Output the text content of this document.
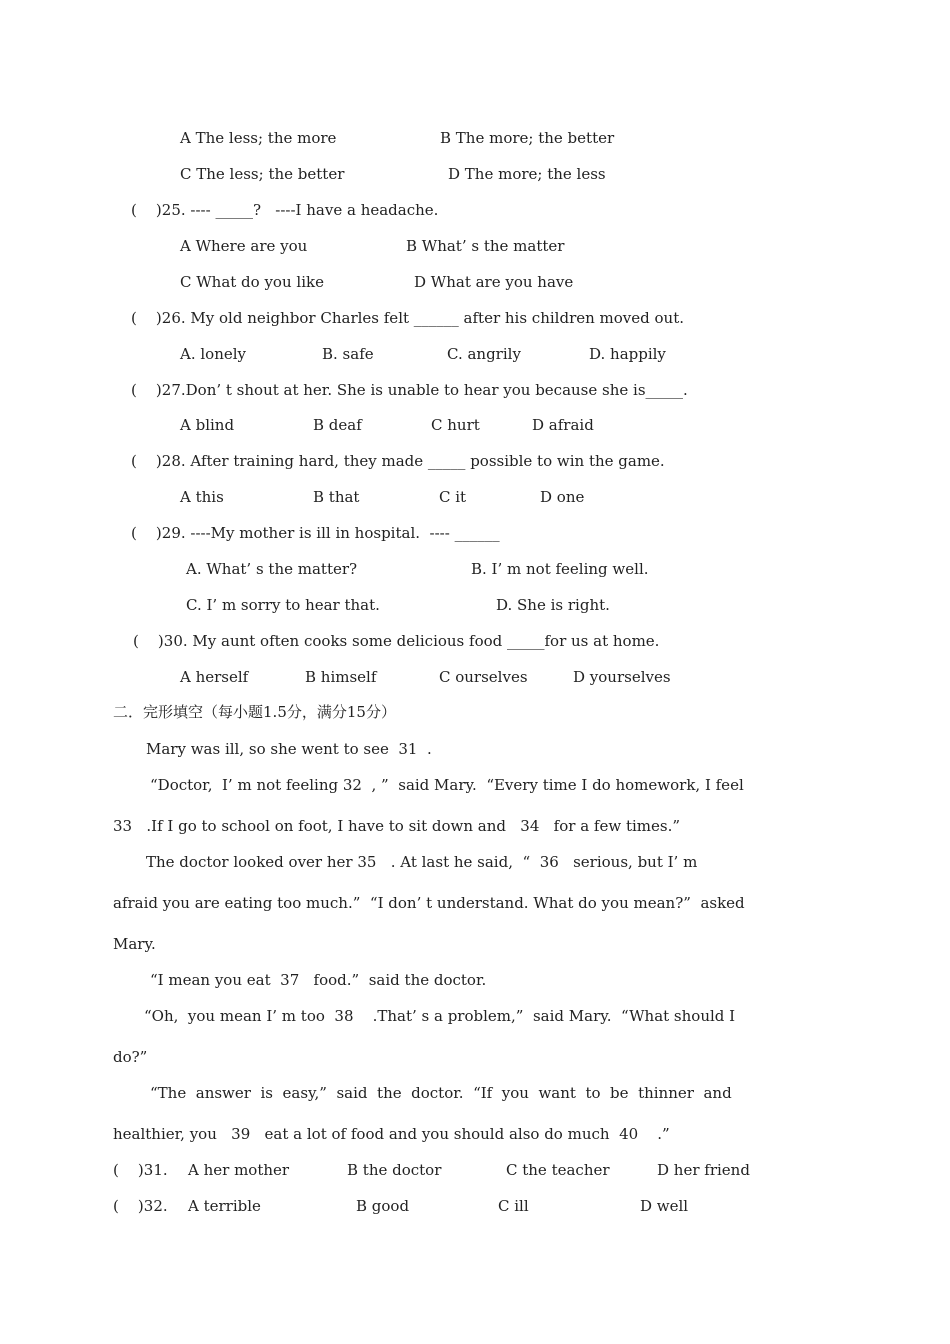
A The less; the more	B The more; the better
C The less; the better	D The more; the less
(    )25. ---- _____?   ----I have a headache.
A Where are you	B What’ s the matter
C What do you like	D What are you have
(    )26. My old neighbor Charles felt ______ after his children moved out.
A. lonely	B. safe	C. angrily	D. happily
(    )27.Don’ t shout at her. She is unable to hear you because she is_____.
A blind	B deaf	C hurt	D afraid
(    )28. After training hard, they made _____ possible to win the game.
A this	B that	C it	D one
(    )29. ----My mother is ill in hospital.  ---- ______
A. What’ s the matter?	B. I’ m not feeling well.
C. I’ m sorry to hear that.	D. She is right.
(    )30. My aunt often cooks some delicious food _____for us at home.
A herself	B himself	C ourselves	D yourselves
二．完形填空（每小题1.5分，满分15分）
Mary was ill, so she went to see  31  .
“Doctor,  I’ m not feeling 32  , ”  said Mary.  “Every time I do homework, I feel
33   .If I go to school on foot, I have to sit down and   34   for a few times.”
The doctor looked over her 35   . At last he said,  “  36   serious, but I’ m
afraid you are eating too much.”  “I don’ t understand. What do you mean?”  asked
Mary.
“I mean you eat  37   food.”  said the doctor.
“Oh,  you mean I’ m too  38    .That’ s a problem,”  said Mary.  “What should I
do?”
“The  answer  is  easy,”  said  the  doctor.  “If  you  want  to  be  thinner  and
healthier, you   39   eat a lot of food and you should also do much  40    .”
(    )31. A her mother	B the doctor	C the teacher	D her friend
(    )32. A terrible	B good	C ill	D well
